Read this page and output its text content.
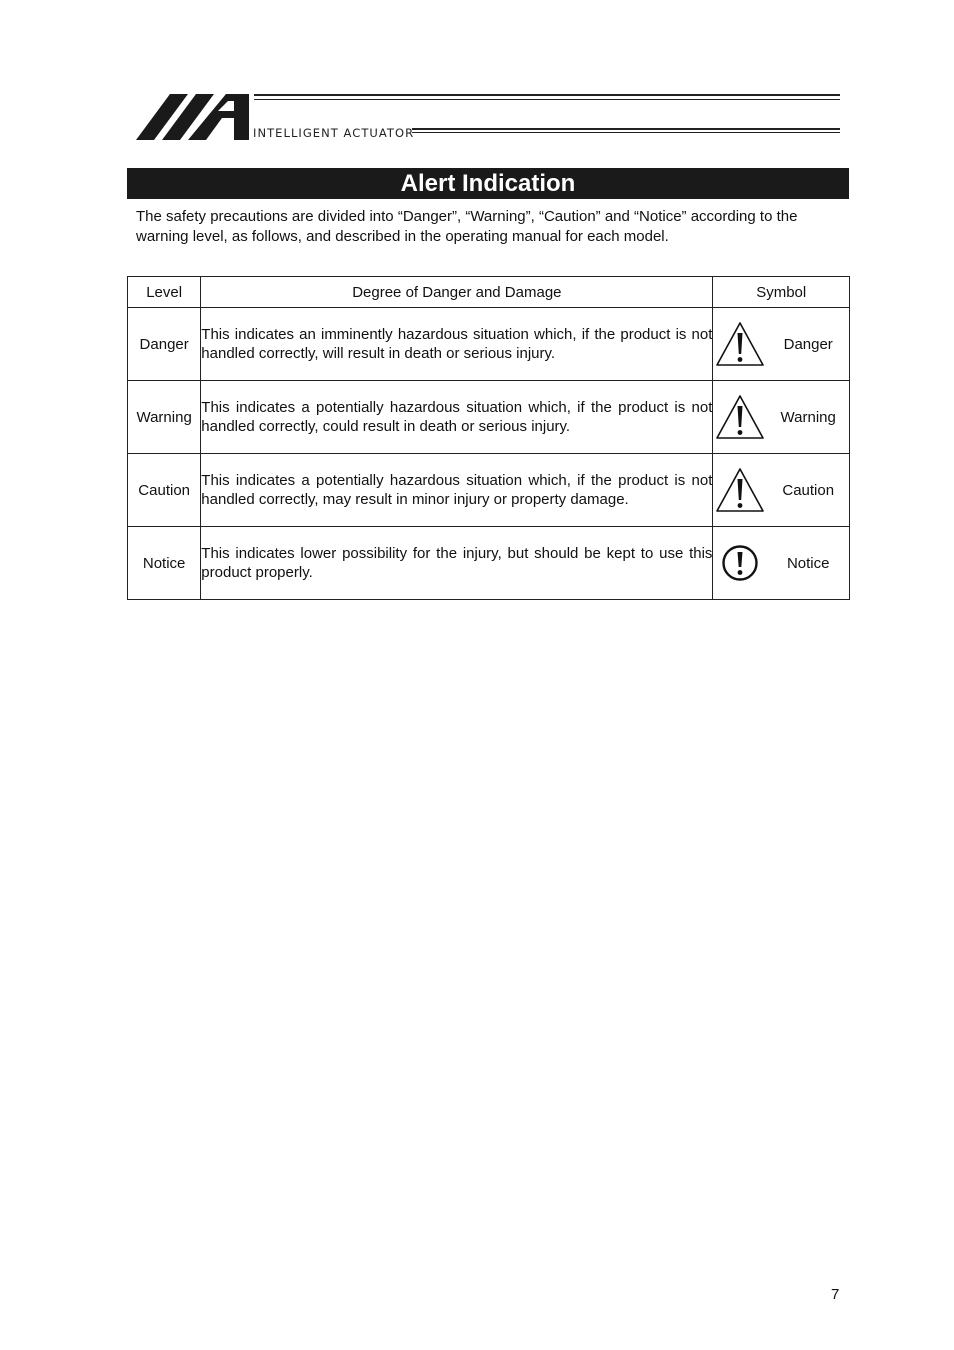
INTELLIGENT ACTUATOR
Alert Indication
The safety precautions are divided into “Danger”, “Warning”, “Caution” and “Notice” according to the warning level, as follows, and described in the operating manual for each model.
Level	Degree of Danger and Damage	Symbol
Danger	This indicates an imminently hazardous situation which, if the product is not handled correctly, will result in death or serious injury.	Danger

Warning	This indicates a potentially hazardous situation which, if the product is not handled correctly, could result in death or serious injury.	Warning

Caution	This indicates a potentially hazardous situation which, if the product is not handled correctly, may result in minor injury or property damage.	Caution

Notice	This indicates lower possibility for the injury, but should be kept to use this product properly.	Notice
7
